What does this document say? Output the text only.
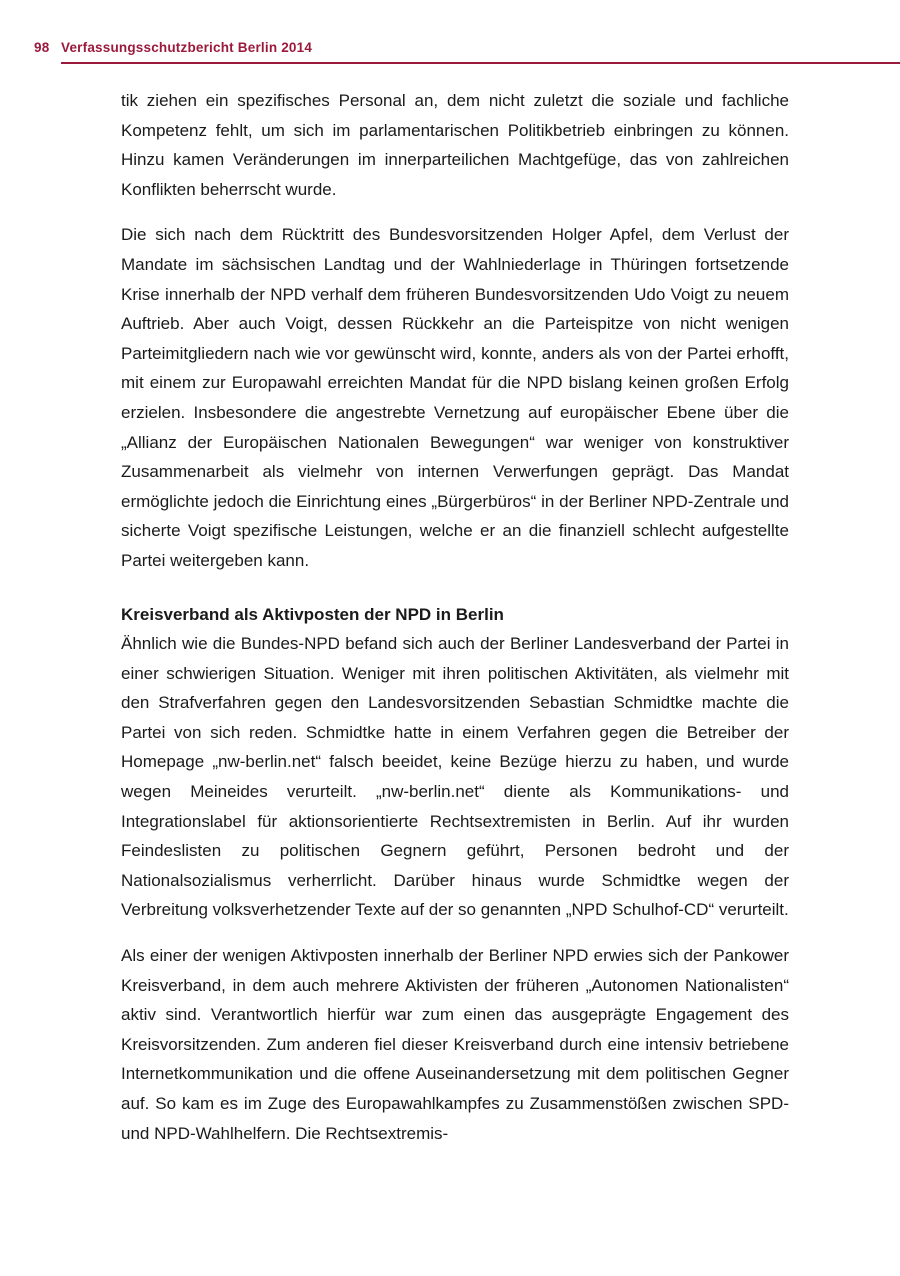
98 Verfassungsschutzbericht Berlin 2014

tik ziehen ein spezifisches Personal an, dem nicht zuletzt die soziale und fachliche Kompetenz fehlt, um sich im parlamentarischen Politikbetrieb einbringen zu können. Hinzu kamen Veränderungen im innerparteilichen Machtgefüge, das von zahlreichen Konflikten beherrscht wurde.

Die sich nach dem Rücktritt des Bundesvorsitzenden Holger Apfel, dem Verlust der Mandate im sächsischen Landtag und der Wahlniederlage in Thüringen fortsetzende Krise innerhalb der NPD verhalf dem früheren Bundesvorsitzenden Udo Voigt zu neuem Auftrieb. Aber auch Voigt, dessen Rückkehr an die Parteispitze von nicht wenigen Parteimitgliedern nach wie vor gewünscht wird, konnte, anders als von der Partei erhofft, mit einem zur Europawahl erreichten Mandat für die NPD bislang keinen großen Erfolg erzielen. Insbesondere die angestrebte Vernetzung auf europäischer Ebene über die „Allianz der Europäischen Nationalen Bewegungen“ war weniger von konstruktiver Zusammenarbeit als vielmehr von internen Verwerfungen geprägt. Das Mandat ermöglichte jedoch die Einrichtung eines „Bürgerbüros“ in der Berliner NPD-Zentrale und sicherte Voigt spezifische Leistungen, welche er an die finanziell schlecht aufgestellte Partei weitergeben kann.

Kreisverband als Aktivposten der NPD in Berlin

Ähnlich wie die Bundes-NPD befand sich auch der Berliner Landesverband der Partei in einer schwierigen Situation. Weniger mit ihren politischen Aktivitäten, als vielmehr mit den Strafverfahren gegen den Landesvorsitzenden Sebastian Schmidtke machte die Partei von sich reden. Schmidtke hatte in einem Verfahren gegen die Betreiber der Homepage „nw-berlin.net“ falsch beeidet, keine Bezüge hierzu zu haben, und wurde wegen Meineides verurteilt. „nw-berlin.net“ diente als Kommunikations- und Integrationslabel für aktionsorientierte Rechtsextremisten in Berlin. Auf ihr wurden Feindeslisten zu politischen Gegnern geführt, Personen bedroht und der Nationalsozialismus verherrlicht. Darüber hinaus wurde Schmidtke wegen der Verbreitung volksverhetzender Texte auf der so genannten „NPD Schulhof-CD“ verurteilt.

Als einer der wenigen Aktivposten innerhalb der Berliner NPD erwies sich der Pankower Kreisverband, in dem auch mehrere Aktivisten der früheren „Autonomen Nationalisten“ aktiv sind. Verantwortlich hierfür war zum einen das ausgeprägte Engagement des Kreisvorsitzenden. Zum anderen fiel dieser Kreisverband durch eine intensiv betriebene Internetkommunikation und die offene Auseinandersetzung mit dem politischen Gegner auf. So kam es im Zuge des Europawahlkampfes zu Zusammenstößen zwischen SPD- und NPD-Wahlhelfern. Die Rechtsextremis-
